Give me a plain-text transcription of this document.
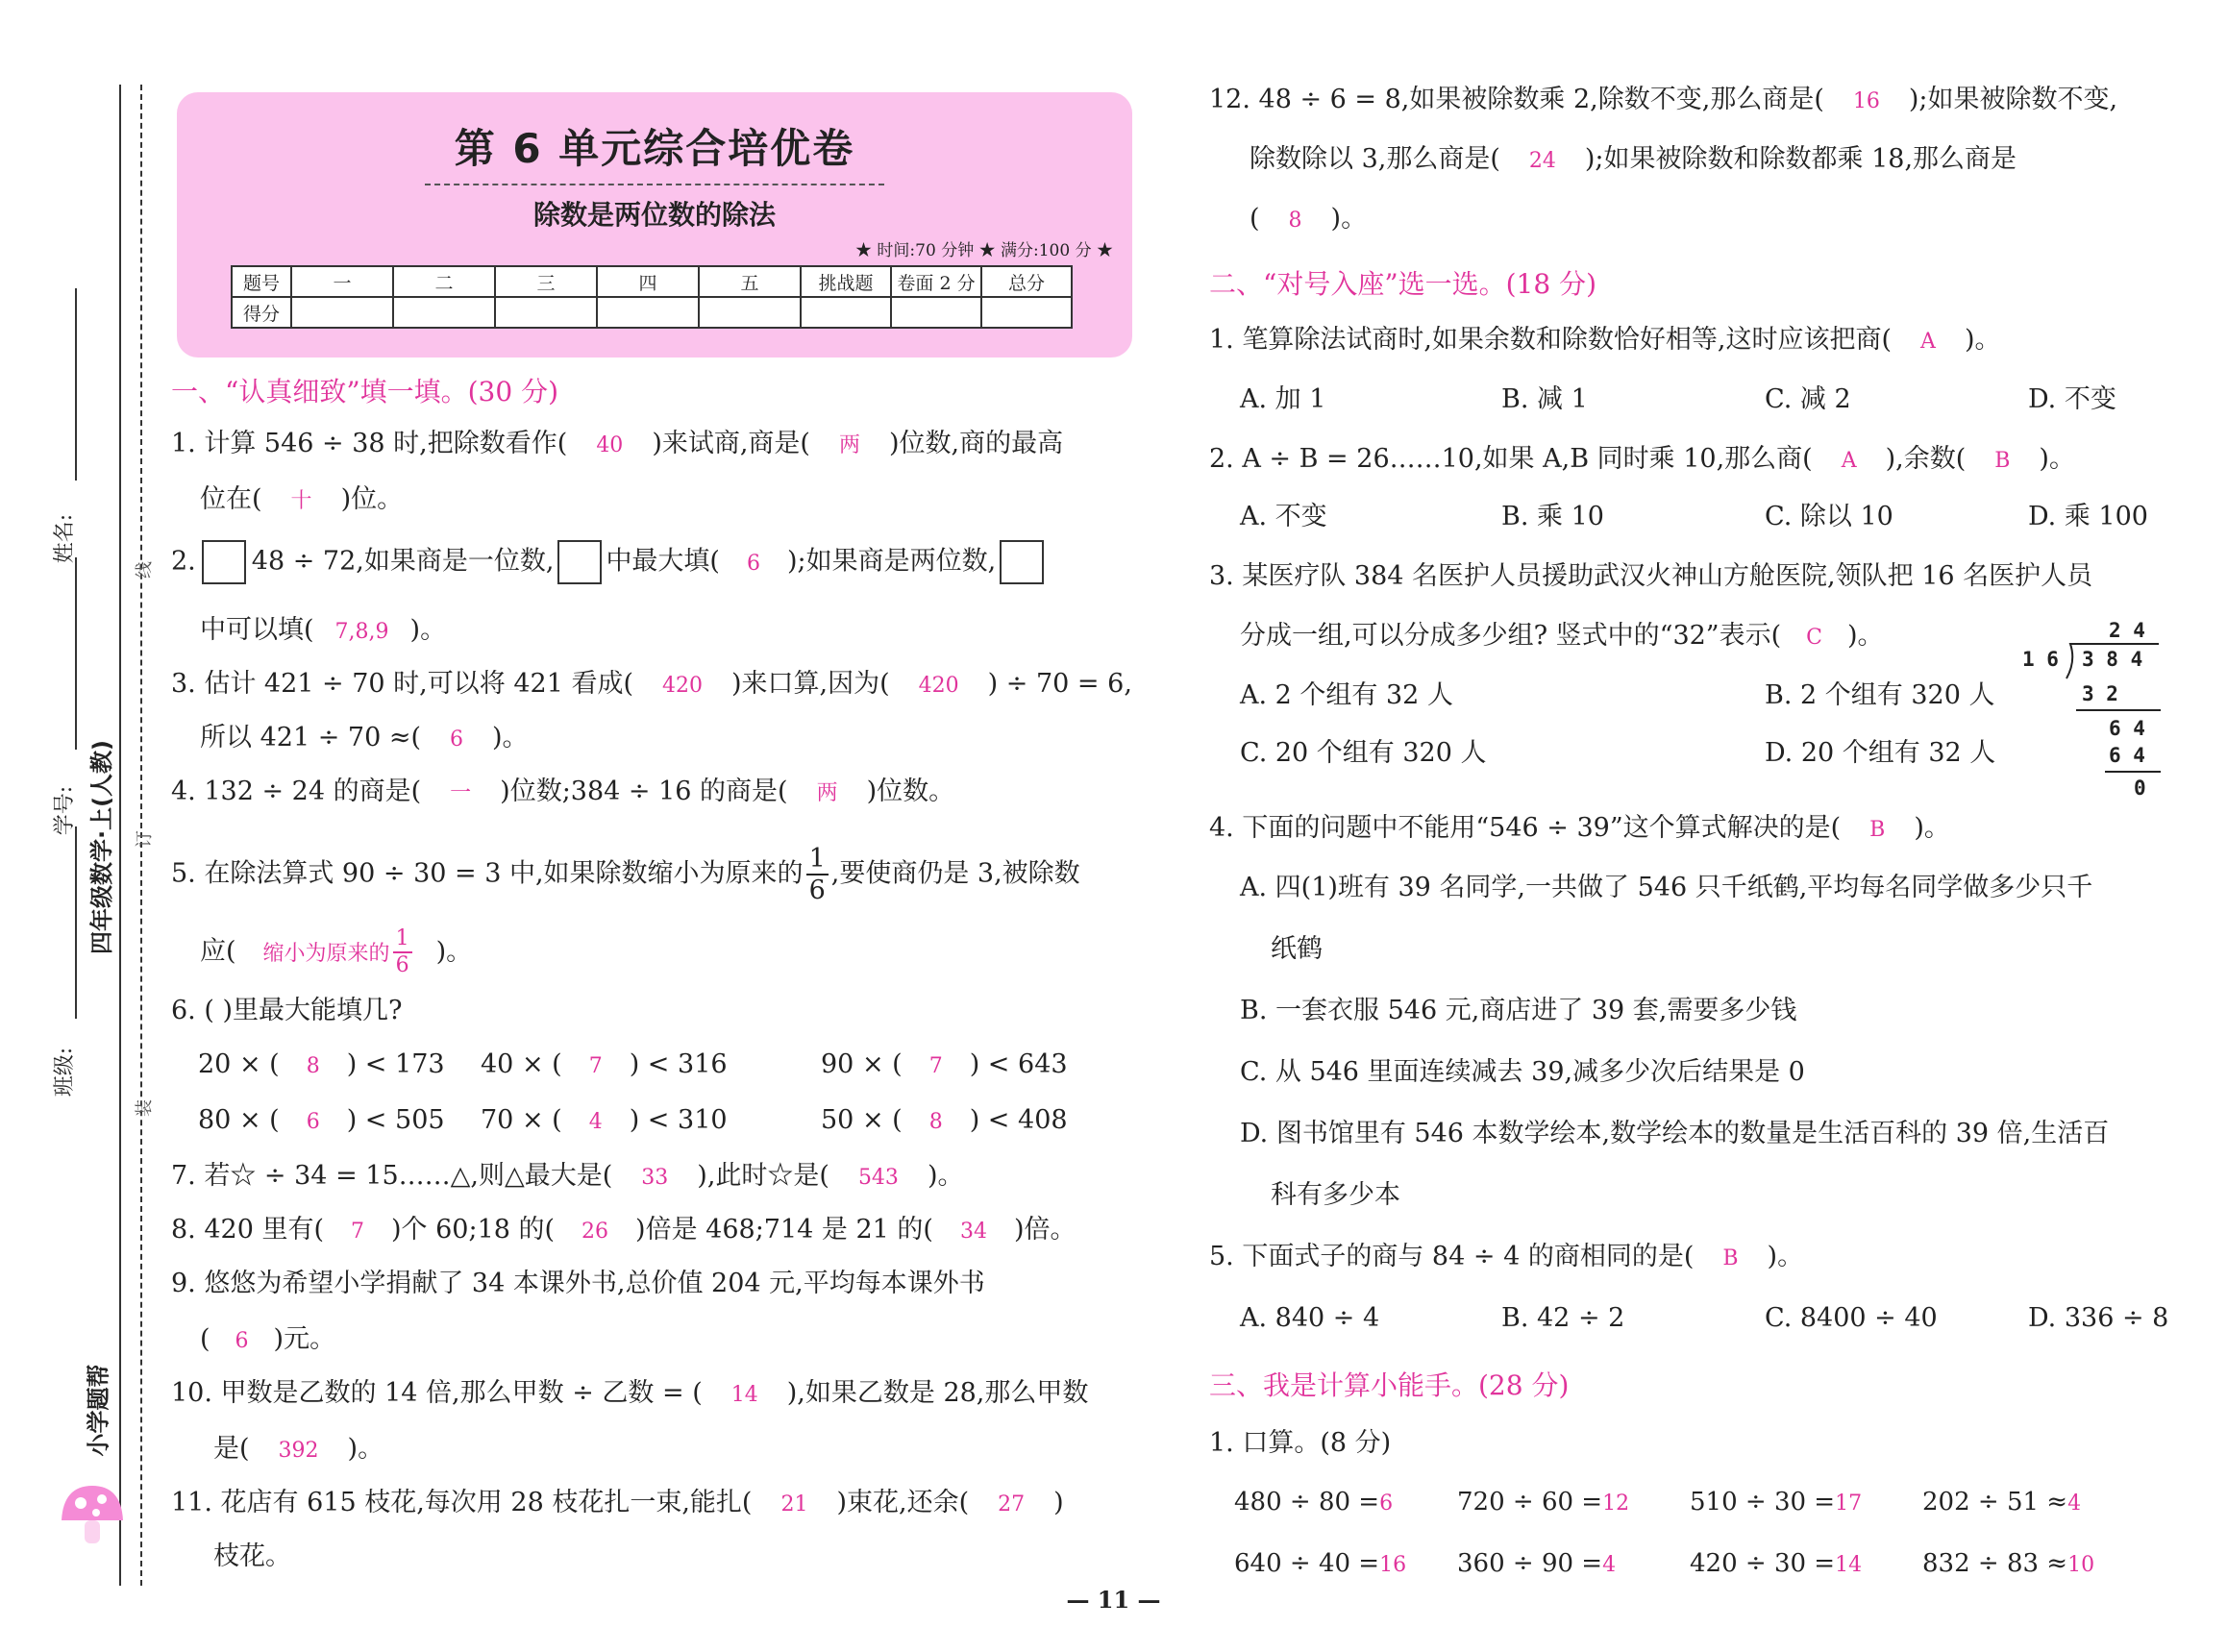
姓名:
学号:
班级:
四年级数学·上(人教)
线
订
装
小学题帮
第 6 单元综合培优卷
除数是两位数的除法
★ 时间:70 分钟 ★ 满分:100 分 ★
题号	一	二	三	四	五	挑战题	卷面 2 分	总分
得分								
一、“认真细致”填一填。(30 分)
1. 计算 546 ÷ 38 时,把除数看作( 40 )来试商,商是( 两 )位数,商的最高
位在( 十 )位。
2. 48 ÷ 72,如果商是一位数, 中最大填( 6 );如果商是两位数,
中可以填( 7,8,9 )。
3. 估计 421 ÷ 70 时,可以将 421 看成( 420 )来口算,因为( 420 ) ÷ 70 = 6,
所以 421 ÷ 70 ≈( 6 )。
4. 132 ÷ 24 的商是( 一 )位数;384 ÷ 16 的商是( 两 )位数。
5. 在除法算式 90 ÷ 30 = 3 中,如果除数缩小为原来的 $\frac{1}{6}$ ,要使商仍是 3,被除数
应( 缩小为原来的 $\frac{1}{6}$ )。
6. ( )里最大能填几?
20 × ( 8 ) < 173 40 × ( 7 ) < 316	90 × ( 7 ) < 643
80 × ( 6 ) < 505 70 × ( 4 ) < 310	50 × ( 8 ) < 408
7. 若☆ ÷ 34 = 15……△,则△最大是( 33 ),此时☆是( 543 )。
8. 420 里有( 7 )个 60;18 的( 26 )倍是 468;714 是 21 的( 34 )倍。
9. 悠悠为希望小学捐献了 34 本课外书,总价值 204 元,平均每本课外书
( 6 )元。
10. 甲数是乙数的 14 倍,那么甲数 ÷ 乙数 = ( 14 ),如果乙数是 28,那么甲数
是( 392 )。
11. 花店有 615 枝花,每次用 28 枝花扎一束,能扎( 21 )束花,还余( 27 )
枝花。
12. 48 ÷ 6 = 8,如果被除数乘 2,除数不变,那么商是( 16 );如果被除数不变,
除数除以 3,那么商是( 24 );如果被除数和除数都乘 18,那么商是
( 8 )。
二、“对号入座”选一选。(18 分)
1. 笔算除法试商时,如果余数和除数恰好相等,这时应该把商( A )。
A. 加 1	B. 减 1	C. 减 2	D. 不变
2. A ÷ B = 26……10,如果 A,B 同时乘 10,那么商( A ),余数( B )。
A. 不变	B. 乘 10	C. 除以 10	D. 乘 100
3. 某医疗队 384 名医护人员援助武汉火神山方舱医院,领队把 16 名医护人员
分成一组,可以分成多少组? 竖式中的“32”表示( C )。
A. 2 个组有 32 人	B. 2 个组有 320 人
C. 20 个组有 320 人	D. 20 个组有 32 人
2 4
1 6 3 8 4
3 2
6 4
6 4
0
4. 下面的问题中不能用“546 ÷ 39”这个算式解决的是( B )。
A. 四(1)班有 39 名同学,一共做了 546 只千纸鹤,平均每名同学做多少只千
纸鹤
B. 一套衣服 546 元,商店进了 39 套,需要多少钱
C. 从 546 里面连续减去 39,减多少次后结果是 0
D. 图书馆里有 546 本数学绘本,数学绘本的数量是生活百科的 39 倍,生活百
科有多少本
5. 下面式子的商与 84 ÷ 4 的商相同的是( B )。
A. 840 ÷ 4	B. 42 ÷ 2	C. 8400 ÷ 40	D. 336 ÷ 8
三、我是计算小能手。(28 分)
1. 口算。(8 分)
480 ÷ 80 =6	720 ÷ 60 =12 510 ÷ 30 =17 202 ÷ 51 ≈4
640 ÷ 40 =16 360 ÷ 90 =4	420 ÷ 30 =14 832 ÷ 83 ≈10
— 11 —
